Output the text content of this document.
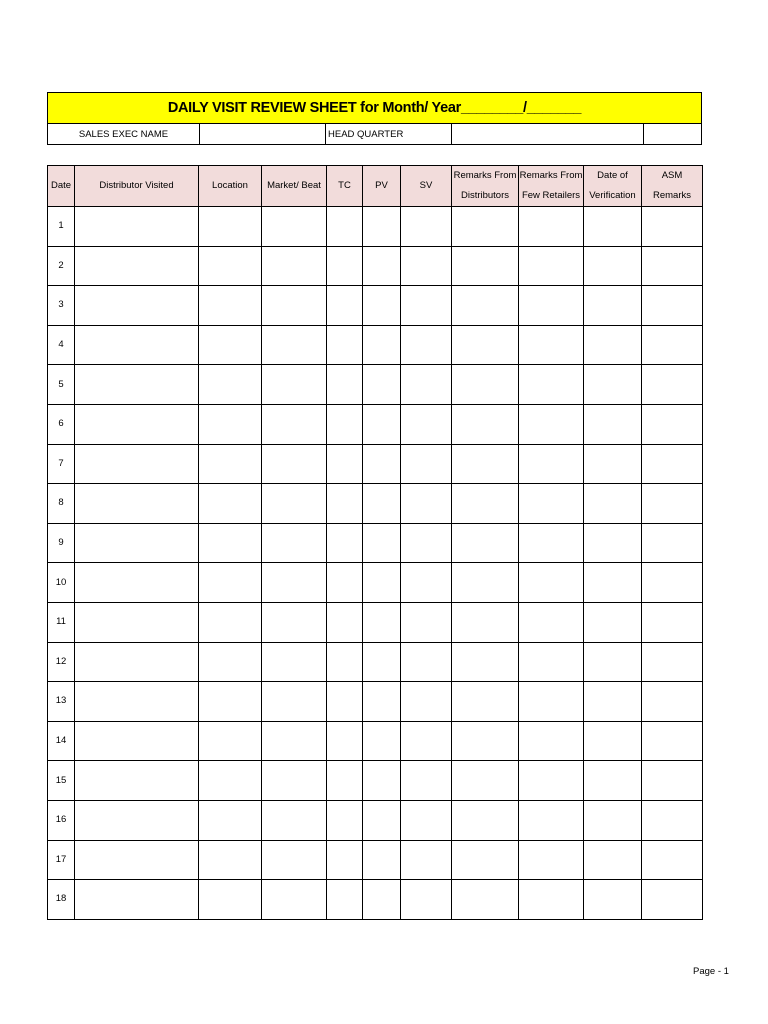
DAILY VISIT REVIEW SHEET for Month/ Year________/_______
SALES EXEC NAME	HEAD QUARTER
Date	Distributor Visited	Location	Market/ Beat	TC	PV	SV	Remarks From Distributors	Remarks From Few Retailers	Date of Verification	ASM Remarks
1										
2										
3										
4										
5										
6										
7										
8										
9										
10										
11										
12										
13										
14										
15										
16										
17										
18										
Page - 1
